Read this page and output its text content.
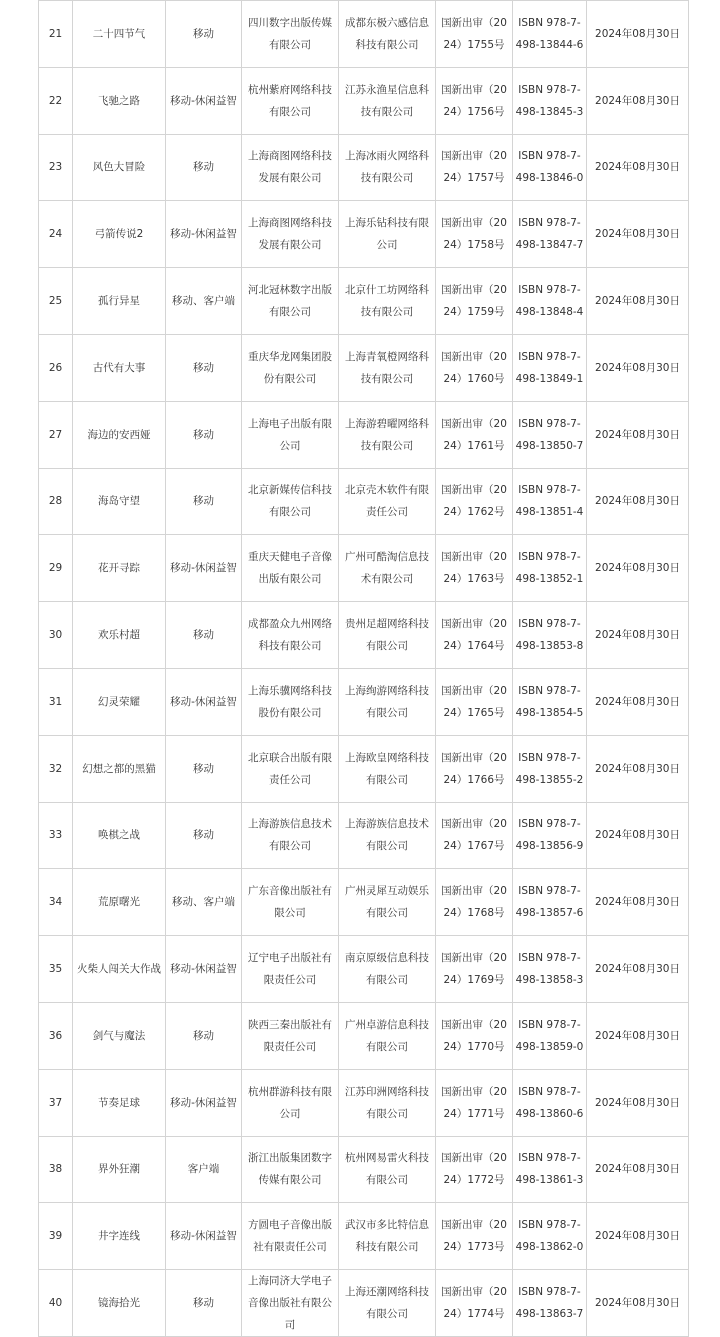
21	二十四节气	移动	四川数字出版传媒有限公司	成都东极六感信息科技有限公司	国新出审（2024）1755号	ISBN 978-7-498-13844-6	2024年08月30日

22	飞驰之路	移动-休闲益智	杭州紫府网络科技有限公司	江苏永渔星信息科技有限公司	国新出审（2024）1756号	ISBN 978-7-498-13845-3	2024年08月30日

23	风色大冒险	移动	上海商图网络科技发展有限公司	上海冰雨火网络科技有限公司	国新出审（2024）1757号	ISBN 978-7-498-13846-0	2024年08月30日

24	弓箭传说2	移动-休闲益智	上海商图网络科技发展有限公司	上海乐钻科技有限公司	国新出审（2024）1758号	ISBN 978-7-498-13847-7	2024年08月30日

25	孤行异星	移动、客户端	河北冠林数字出版有限公司	北京什工坊网络科技有限公司	国新出审（2024）1759号	ISBN 978-7-498-13848-4	2024年08月30日

26	古代有大事	移动	重庆华龙网集团股份有限公司	上海青氧橙网络科技有限公司	国新出审（2024）1760号	ISBN 978-7-498-13849-1	2024年08月30日

27	海边的安西娅	移动	上海电子出版有限公司	上海游碧曜网络科技有限公司	国新出审（2024）1761号	ISBN 978-7-498-13850-7	2024年08月30日

28	海岛守望	移动	北京新媒传信科技有限公司	北京壳木软件有限责任公司	国新出审（2024）1762号	ISBN 978-7-498-13851-4	2024年08月30日

29	花开寻踪	移动-休闲益智	重庆天健电子音像出版有限公司	广州可酷淘信息技术有限公司	国新出审（2024）1763号	ISBN 978-7-498-13852-1	2024年08月30日

30	欢乐村超	移动	成都盈众九州网络科技有限公司	贵州足超网络科技有限公司	国新出审（2024）1764号	ISBN 978-7-498-13853-8	2024年08月30日

31	幻灵荣耀	移动-休闲益智	上海乐骥网络科技股份有限公司	上海绚游网络科技有限公司	国新出审（2024）1765号	ISBN 978-7-498-13854-5	2024年08月30日

32	幻想之都的黑猫	移动	北京联合出版有限责任公司	上海欧皇网络科技有限公司	国新出审（2024）1766号	ISBN 978-7-498-13855-2	2024年08月30日

33	唤棋之战	移动	上海游族信息技术有限公司	上海游族信息技术有限公司	国新出审（2024）1767号	ISBN 978-7-498-13856-9	2024年08月30日

34	荒原曙光	移动、客户端	广东音像出版社有限公司	广州灵犀互动娱乐有限公司	国新出审（2024）1768号	ISBN 978-7-498-13857-6	2024年08月30日

35	火柴人闯关大作战	移动-休闲益智	辽宁电子出版社有限责任公司	南京原级信息科技有限公司	国新出审（2024）1769号	ISBN 978-7-498-13858-3	2024年08月30日

36	剑气与魔法	移动	陕西三秦出版社有限责任公司	广州卓游信息科技有限公司	国新出审（2024）1770号	ISBN 978-7-498-13859-0	2024年08月30日

37	节奏足球	移动-休闲益智	杭州群游科技有限公司	江苏印洲网络科技有限公司	国新出审（2024）1771号	ISBN 978-7-498-13860-6	2024年08月30日

38	界外狂潮	客户端	浙江出版集团数字传媒有限公司	杭州网易雷火科技有限公司	国新出审（2024）1772号	ISBN 978-7-498-13861-3	2024年08月30日

39	井字连线	移动-休闲益智	方圆电子音像出版社有限责任公司	武汉市多比特信息科技有限公司	国新出审（2024）1773号	ISBN 978-7-498-13862-0	2024年08月30日

40	镜海拾光	移动	上海同济大学电子音像出版社有限公司	上海还潮网络科技有限公司	国新出审（2024）1774号	ISBN 978-7-498-13863-7	2024年08月30日
